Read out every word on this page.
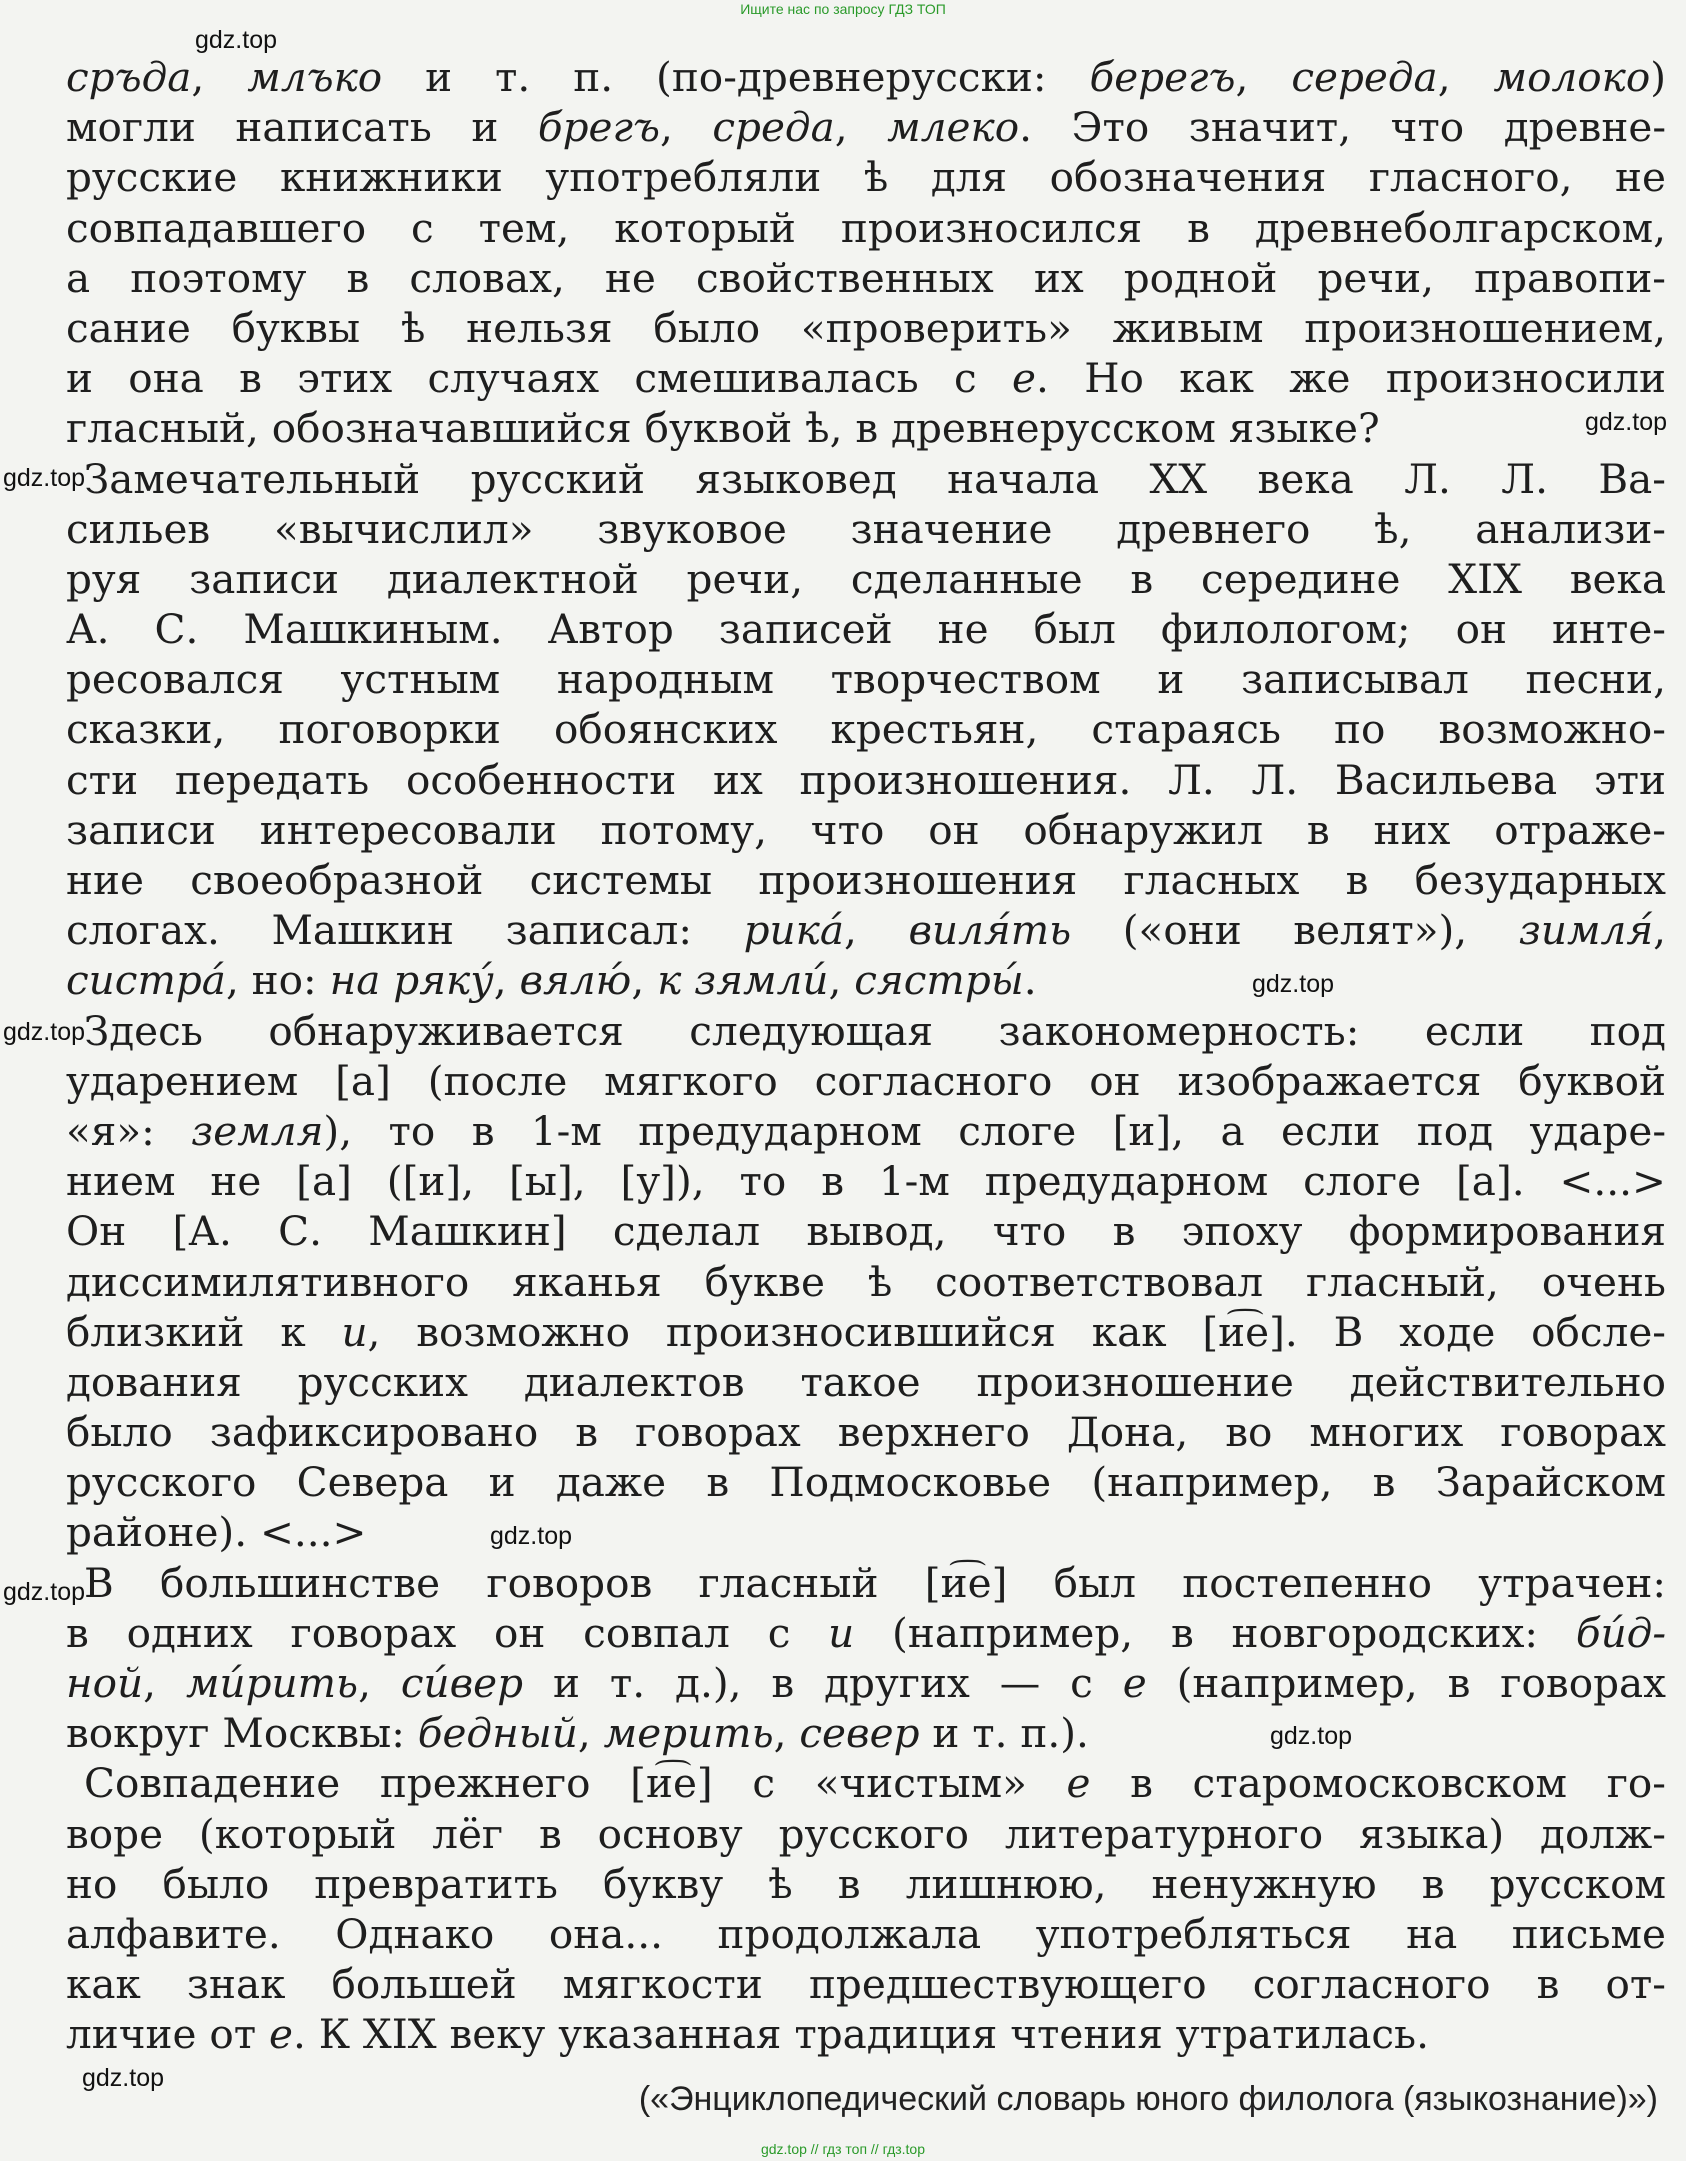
Ищите нас по запросу ГДЗ ТОП
gdz.top
gdz.top
gdz.top
gdz.top
gdz.top
gdz.top
gdz.top
gdz.top
gdz.top
сръда, млъко и т. п. (по-древнерусски: берегъ, середа, молоко)
могли написать и брегъ, среда, млеко. Это значит, что древне-
русские книжники употребляли ѣ для обозначения гласного, не
совпадавшего с тем, который произносился в древнеболгарском,
а поэтому в словах, не свойственных их родной речи, правопи-
сание буквы ѣ нельзя было «проверить» живым произношением,
и она в этих случаях смешивалась с е. Но как же произносили
гласный, обозначавшийся буквой ѣ, в древнерусском языке?
Замечательный русский языковед начала XX века Л. Л. Ва-
сильев «вычислил» звуковое значение древнего ѣ, анализи-
руя записи диалектной речи, сделанные в середине XIX века
А. С. Машкиным. Автор записей не был филологом; он инте-
ресовался устным народным творчеством и записывал песни,
сказки, поговорки обоянских крестьян, стараясь по возможно-
сти передать особенности их произношения. Л. Л. Васильева эти
записи интересовали потому, что он обнаружил в них отраже-
ние своеобразной системы произношения гласных в безударных
слогах. Машкин записал: рика́, виля́ть («они велят»), зимля́,
систра́, но: на ряку́, вялю́, к зямли́, сястры́.
Здесь обнаруживается следующая закономерность: если под
ударением [а] (после мягкого согласного он изображается буквой
«я»: земля), то в 1-м предударном слоге [и], а если под ударе-
нием не [а] ([и], [ы], [у]), то в 1-м предударном слоге [а]. <...>
Он [А. С. Машкин] сделал вывод, что в эпоху формирования
диссимилятивного яканья букве ѣ соответствовал гласный, очень
близкий к и, возможно произносившийся как [и͡е]. В ходе обсле-
дования русских диалектов такое произношение действительно
было зафиксировано в говорах верхнего Дона, во многих говорах
русского Севера и даже в Подмосковье (например, в Зарайском
районе). <...>
В большинстве говоров гласный [и͡е] был постепенно утрачен:
в одних говорах он совпал с и (например, в новгородских: би́д-
ной, ми́рить, си́вер и т. д.), в других — с е (например, в говорах
вокруг Москвы: бедный, мерить, север и т. п.).
Совпадение прежнего [и͡е] с «чистым» е в старомосковском го-
воре (который лёг в основу русского литературного языка) долж-
но было превратить букву ѣ в лишнюю, ненужную в русском
алфавите. Однако она... продолжала употребляться на письме
как знак большей мягкости предшествующего согласного в от-
личие от е. К XIX веку указанная традиция чтения утратилась.
(«Энциклопедический словарь юного филолога (языкознание)»)
gdz.top // гдз топ // гдз.top
